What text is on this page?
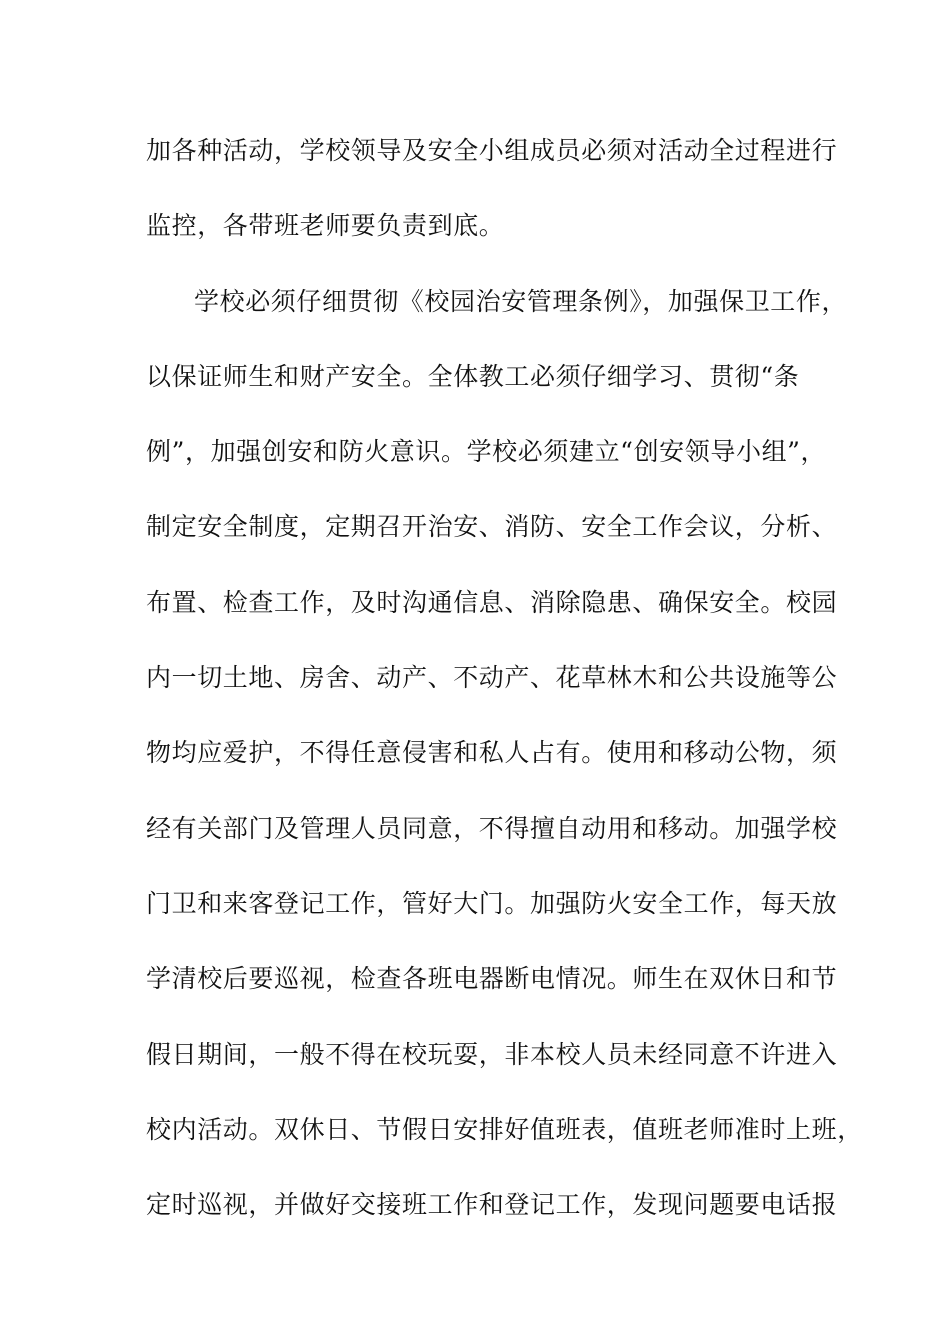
加各种活动，学校领导及安全小组成员必须对活动全过程进行
监控，各带班老师要负责到底。
学校必须仔细贯彻《校园治安管理条例》，加强保卫工作，
以保证师生和财产安全。全体教工必须仔细学习、贯彻“条
例”，加强创安和防火意识。学校必须建立“创安领导小组”，
制定安全制度，定期召开治安、消防、安全工作会议，分析、
布置、检查工作，及时沟通信息、消除隐患、确保安全。校园
内一切土地、房舍、动产、不动产、花草林木和公共设施等公
物均应爱护，不得任意侵害和私人占有。使用和移动公物，须
经有关部门及管理人员同意，不得擅自动用和移动。加强学校
门卫和来客登记工作，管好大门。加强防火安全工作，每天放
学清校后要巡视，检查各班电器断电情况。师生在双休日和节
假日期间，一般不得在校玩耍，非本校人员未经同意不许进入
校内活动。双休日、节假日安排好值班表，值班老师准时上班，
定时巡视，并做好交接班工作和登记工作，发现问题要电话报
